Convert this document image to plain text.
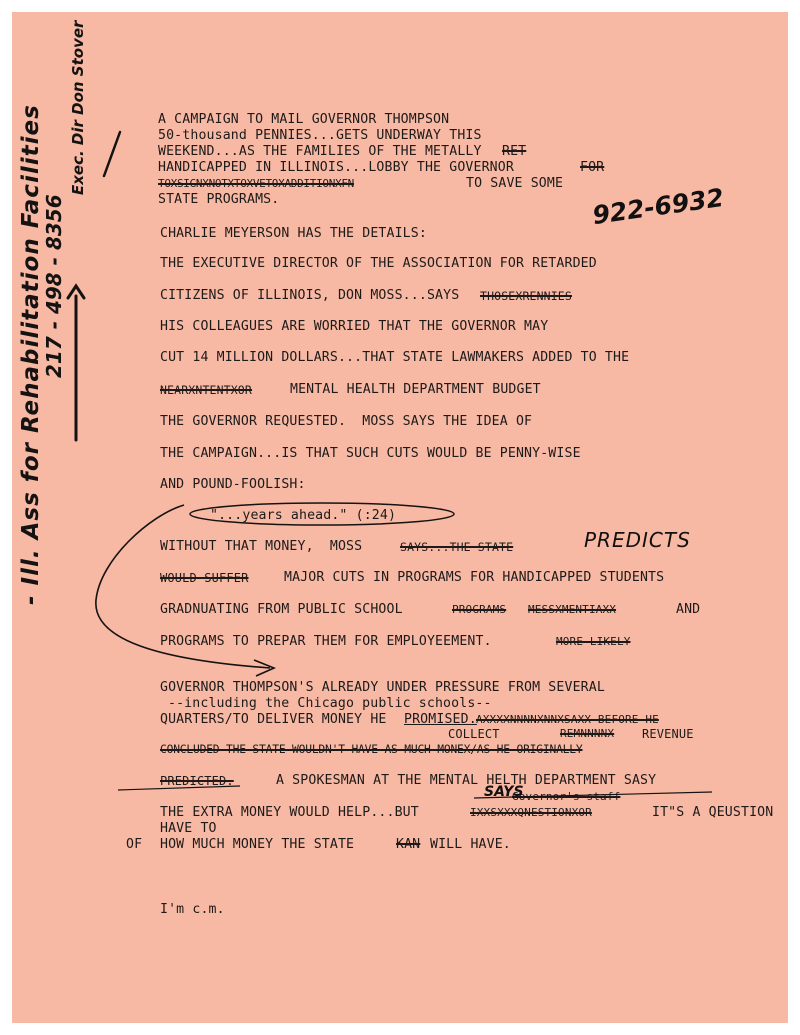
- Ill. Ass for Rehabilitation Facilities
217 - 498 - 8356
Exec. Dir Don Stover	A CAMPAIGN TO MAIL GOVERNOR THOMPSON
50-thousand PENNIES...GETS UNDERWAY THIS
WEEKEND...AS THE FAMILIES OF THE METALLY RET
HANDICAPPED IN ILLINOIS...LOBBY THE GOVERNOR	FOR
TOXSIGNXNOTXTOXVETOXADDITIONXFN	TO SAVE SOME
STATE PROGRAMS.
CHARLIE MEYERSON HAS THE DETAILS:
THE EXECUTIVE DIRECTOR OF THE ASSOCIATION FOR RETARDED
CITIZENS OF ILLINOIS, DON MOSS...SAYS THOSEXRENNIES
HIS COLLEAGUES ARE WORRIED THAT THE GOVERNOR MAY
CUT 14 MILLION DOLLARS...THAT STATE LAWMAKERS ADDED TO THE
NEARXNTENTXOR	MENTAL HEALTH DEPARTMENT BUDGET
THE GOVERNOR REQUESTED.  MOSS SAYS THE IDEA OF
THE CAMPAIGN...IS THAT SUCH CUTS WOULD BE PENNY-WISE
AND POUND-FOOLISH:
"...years ahead." (:24)
WITHOUT THAT MONEY,  MOSS	SAYS...THE STATE
WOULD SUFFER	MAJOR CUTS IN PROGRAMS FOR HANDICAPPED STUDENTS
GRADNUATING FROM PUBLIC SCHOOL	PROGRAMS MESSXMENTIAXX	AND
PROGRAMS TO PREPAR THEM FOR EMPLOYEEMENT.	MORE LIKELY
GOVERNOR THOMPSON'S ALREADY UNDER PRESSURE FROM SEVERAL
--including the Chicago public schools--
QUARTERS/TO DELIVER MONEY HE PROMISED. AXXXXNNNNXNNXSAXX BEFORE HE
COLLECT	REMNNNNX REVENUE
CONCLUDED THE STATE WOULDN'T HAVE AS MUCH MONEX/AS HE ORIGINALLY
PREDICTED.	A SPOKESMAN AT THE MENTAL HELTH DEPARTMENT SASY
Governor's staff
THE EXTRA MONEY WOULD HELP...BUT	IXXSXXXQNESTIONXOR	IT"S A QEUSTION
HAVE TO
OF HOW MUCH MONEY THE STATE	KAN WILL HAVE.
I'm c.m.
922-6932
PREDICTS
SAYS
